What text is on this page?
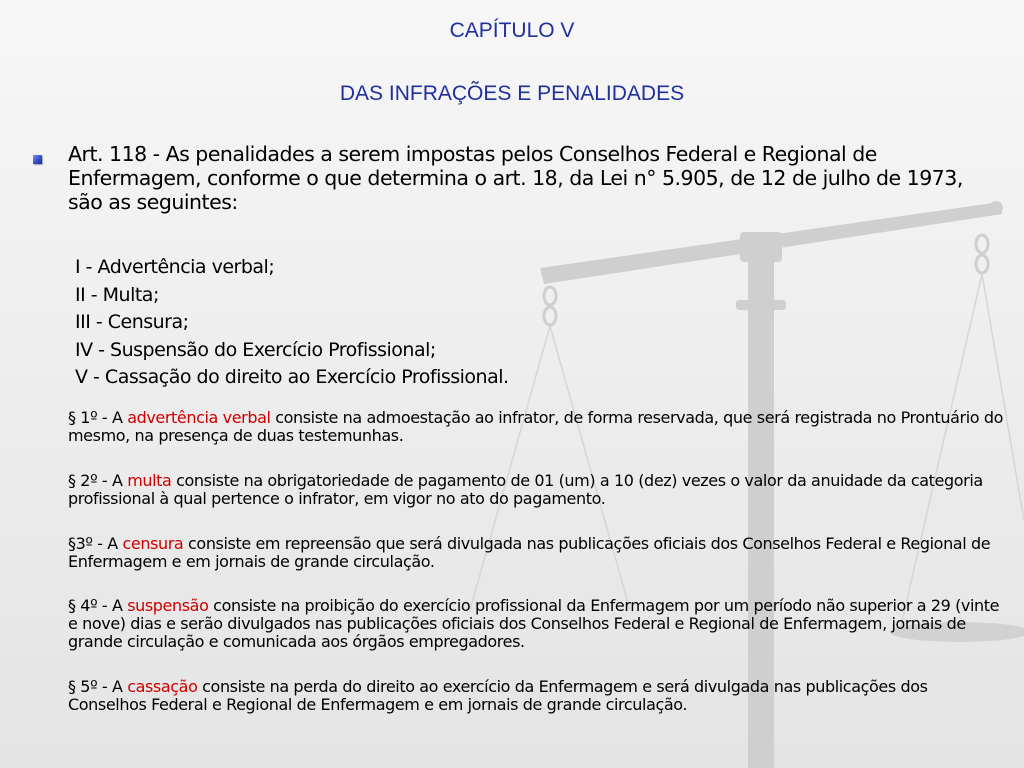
CAPÍTULO V
DAS INFRAÇÕES E PENALIDADES
Art. 118 - As penalidades a serem impostas pelos Conselhos Federal e Regional de Enfermagem, conforme o que determina o art. 18, da Lei n° 5.905, de 12 de julho de 1973, são as seguintes:
I - Advertência verbal;
II - Multa;
III - Censura;
IV - Suspensão do Exercício Profissional;
V - Cassação do direito ao Exercício Profissional.
§ 1º - A advertência verbal consiste na admoestação ao infrator, de forma reservada, que será registrada no Prontuário do mesmo, na presença de duas testemunhas.
§ 2º - A multa consiste na obrigatoriedade de pagamento de 01 (um) a 10 (dez) vezes o valor da anuidade da categoria profissional à qual pertence o infrator, em vigor no ato do pagamento.
§3º - A censura consiste em repreensão que será divulgada nas publicações oficiais dos Conselhos Federal e Regional de Enfermagem e em jornais de grande circulação.
§ 4º - A suspensão consiste na proibição do exercício profissional da Enfermagem por um período não superior a 29 (vinte e nove) dias e serão divulgados nas publicações oficiais dos Conselhos Federal e Regional de Enfermagem, jornais de grande circulação e comunicada aos órgãos empregadores.
§ 5º - A cassação consiste na perda do direito ao exercício da Enfermagem e será divulgada nas publicações dos Conselhos Federal e Regional de Enfermagem e em jornais de grande circulação.
